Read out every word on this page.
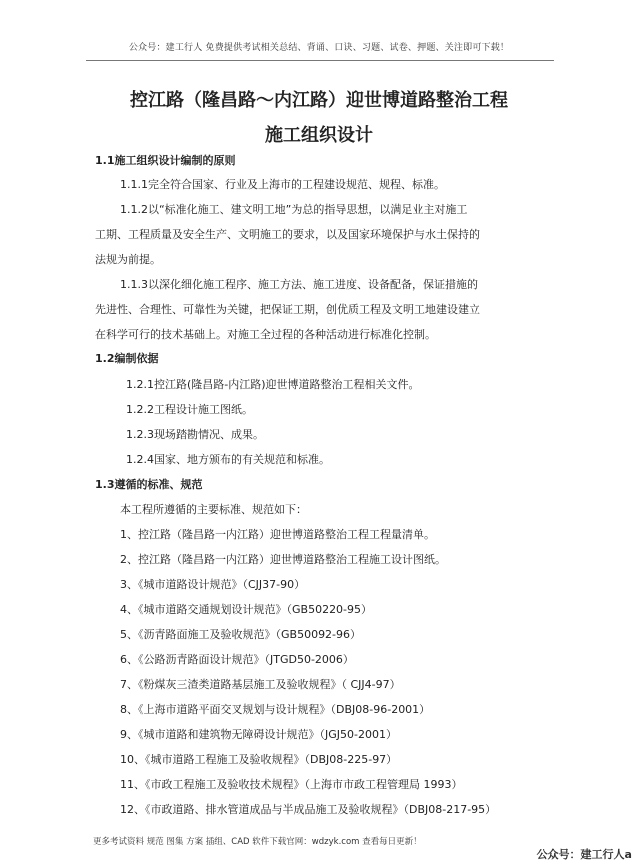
公众号：建工行人 免费提供考试相关总结、背诵、口诀、习题、试卷、押题、关注即可下载！
控江路（隆昌路～内江路）迎世博道路整治工程
施工组织设计
1.1施工组织设计编制的原则
1.1.1完全符合国家、行业及上海市的工程建设规范、规程、标准。
1.1.2以“标准化施工、建文明工地”为总的指导思想，以满足业主对施工
工期、工程质量及安全生产、文明施工的要求，以及国家环境保护与水土保持的
法规为前提。
1.1.3以深化细化施工程序、施工方法、施工进度、设备配备，保证措施的
先进性、合理性、可靠性为关键，把保证工期，创优质工程及文明工地建设建立
在科学可行的技术基础上。对施工全过程的各种活动进行标准化控制。
1.2编制依据
1.2.1控江路(隆昌路-内江路)迎世博道路整治工程相关文件。
1.2.2工程设计施工图纸。
1.2.3现场踏勘情况、成果。
1.2.4国家、地方颁布的有关规范和标准。
1.3遵循的标准、规范
本工程所遵循的主要标准、规范如下：
1、控江路（隆昌路一内江路）迎世博道路整治工程工程量清单。
2、控江路（隆昌路一内江路）迎世博道路整治工程施工设计图纸。
3、《城市道路设计规范》（CJJ37-90）
4、《城市道路交通规划设计规范》（GB50220-95）
5、《沥青路面施工及验收规范》（GB50092-96）
6、《公路沥青路面设计规范》（JTGD50-2006）
7、《粉煤灰三渣类道路基层施工及验收规程》（ CJJ4-97）
8、《上海市道路平面交叉规划与设计规程》（DBJ08-96-2001）
9、《城市道路和建筑物无障碍设计规范》（JGJ50-2001）
10、《城市道路工程施工及验收规程》（DBJ08-225-97）
11、《市政工程施工及验收技术规程》（上海市市政工程管理局 1993）
12、《市政道路、排水管道成品与半成品施工及验收规程》（DBJ08-217-95）
更多考试资料 规范 图集 方案 插组、CAD 软件下载官网：wdzyk.com 查看每日更新！
公众号：建工行人a
